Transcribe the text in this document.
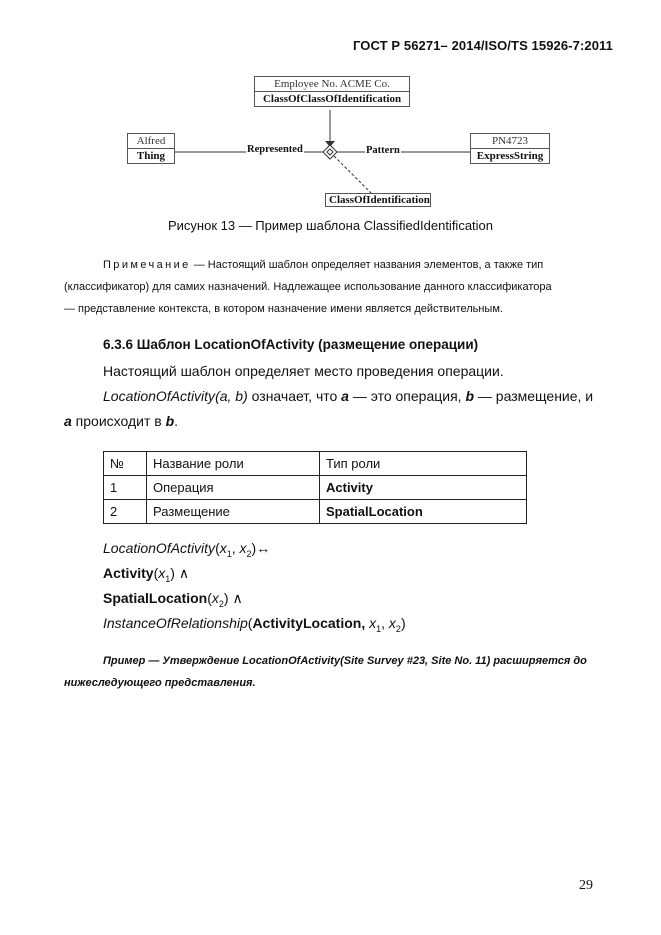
ГОСТ Р 56271– 2014/ISO/TS 15926-7:2011
Employee No. ACME Co.
ClassOfClassOfIdentification
Alfred
Thing
PN4723
ExpressString
ClassOfIdentification
Represented	Pattern
Рисунок 13 — Пример шаблона ClassifiedIdentification
Примечание — Настоящий шаблон определяет названия элементов, а также тип
(классификатор) для самих назначений. Надлежащее использование данного классификатора
— представление контекста, в котором назначение имени является действительным.
6.3.6 Шаблон LocationOfActivity (размещение операции)
Настоящий шаблон определяет место проведения операции.
LocationOfActivity(a, b) означает, что a — это операция, b — размещение, и
a происходит в b.
№	Название роли	Тип роли
1	Операция	Activity
2	Размещение	SpatialLocation
$LocationOfActivity(x_1$, $x_2)\leftrightarrow$
$Activity(x_1)$ ∧
$SpatialLocation(x_2)$ ∧
InstanceOfRelationship(ActivityLocation, $x_1$, $x_2$)
Пример — Утверждение LocationOfActivity(Site Survey #23, Site No. 11) расширяется до
нижеследующего представления.
29
